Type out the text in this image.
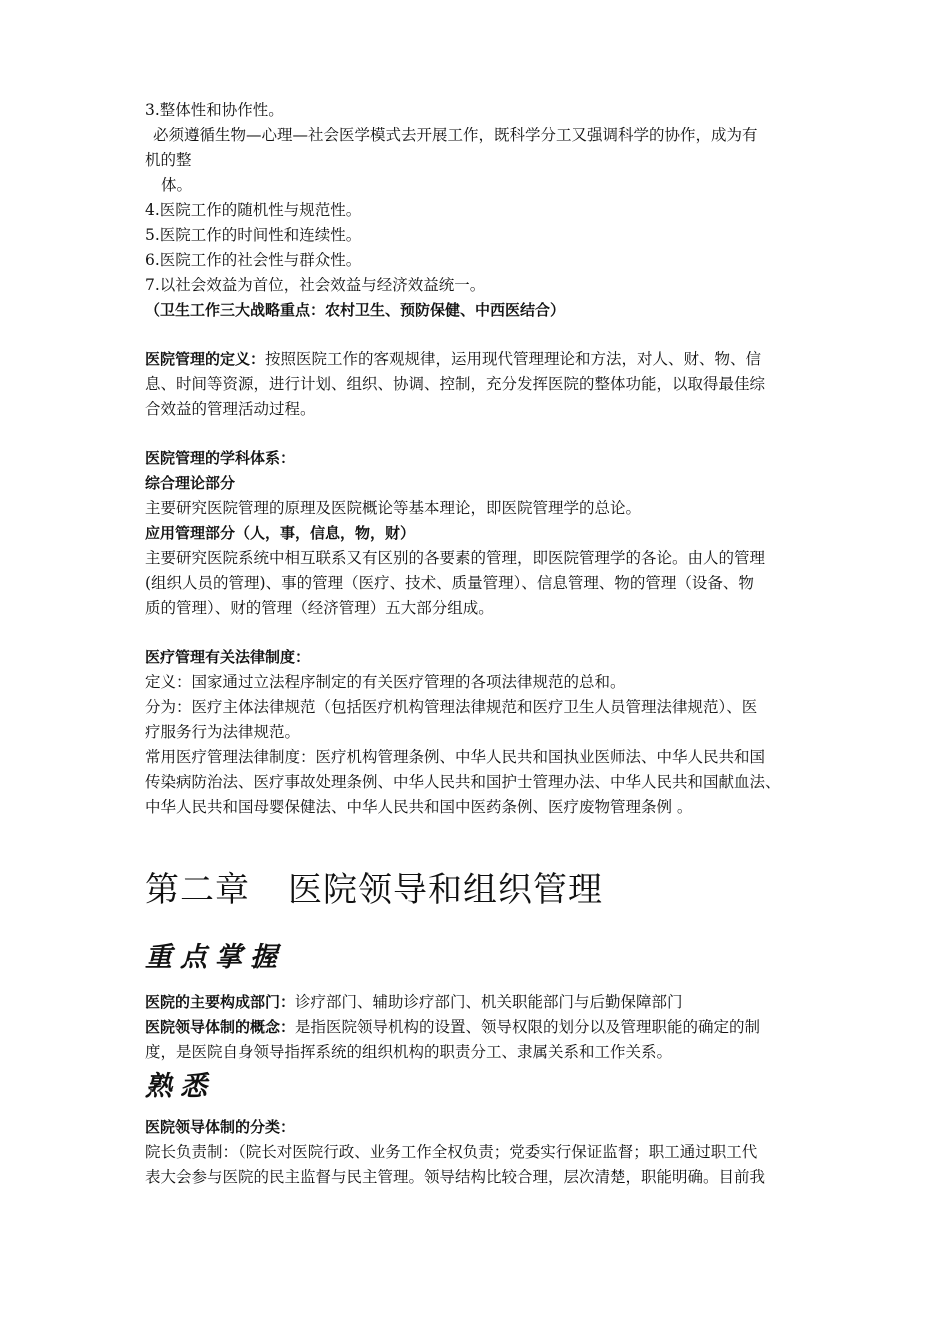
3.整体性和协作性。

必须遵循生物—心理—社会医学模式去开展工作，既科学分工又强调科学的协作，成为有

机的整

体。

4.医院工作的随机性与规范性。

5.医院工作的时间性和连续性。

6.医院工作的社会性与群众性。

7.以社会效益为首位，社会效益与经济效益统一。

（卫生工作三大战略重点：农村卫生、预防保健、中西医结合）

医院管理的定义：按照医院工作的客观规律，运用现代管理理论和方法，对人、财、物、信

息、时间等资源，进行计划、组织、协调、控制，充分发挥医院的整体功能，以取得最佳综

合效益的管理活动过程。

医院管理的学科体系：

综合理论部分

主要研究医院管理的原理及医院概论等基本理论，即医院管理学的总论。

应用管理部分（人，事，信息，物，财）

主要研究医院系统中相互联系又有区别的各要素的管理，即医院管理学的各论。由人的管理

(组织人员的管理)、事的管理（医疗、技术、质量管理）、信息管理、物的管理（设备、物

质的管理）、财的管理（经济管理）五大部分组成。

医疗管理有关法律制度：

定义：国家通过立法程序制定的有关医疗管理的各项法律规范的总和。

分为：医疗主体法律规范（包括医疗机构管理法律规范和医疗卫生人员管理法律规范）、医

疗服务行为法律规范。

常用医疗管理法律制度：医疗机构管理条例、中华人民共和国执业医师法、中华人民共和国

传染病防治法、医疗事故处理条例、中华人民共和国护士管理办法、中华人民共和国献血法、

中华人民共和国母婴保健法、中华人民共和国中医药条例、医疗废物管理条例 。

第二章 医院领导和组织管理

重点掌握

医院的主要构成部门：诊疗部门、辅助诊疗部门、机关职能部门与后勤保障部门

医院领导体制的概念：是指医院领导机构的设置、领导权限的划分以及管理职能的确定的制

度，是医院自身领导指挥系统的组织机构的职责分工、隶属关系和工作关系。

熟悉

医院领导体制的分类：

院长负责制：（院长对医院行政、业务工作全权负责；党委实行保证监督；职工通过职工代

表大会参与医院的民主监督与民主管理。领导结构比较合理，层次清楚，职能明确。目前我
